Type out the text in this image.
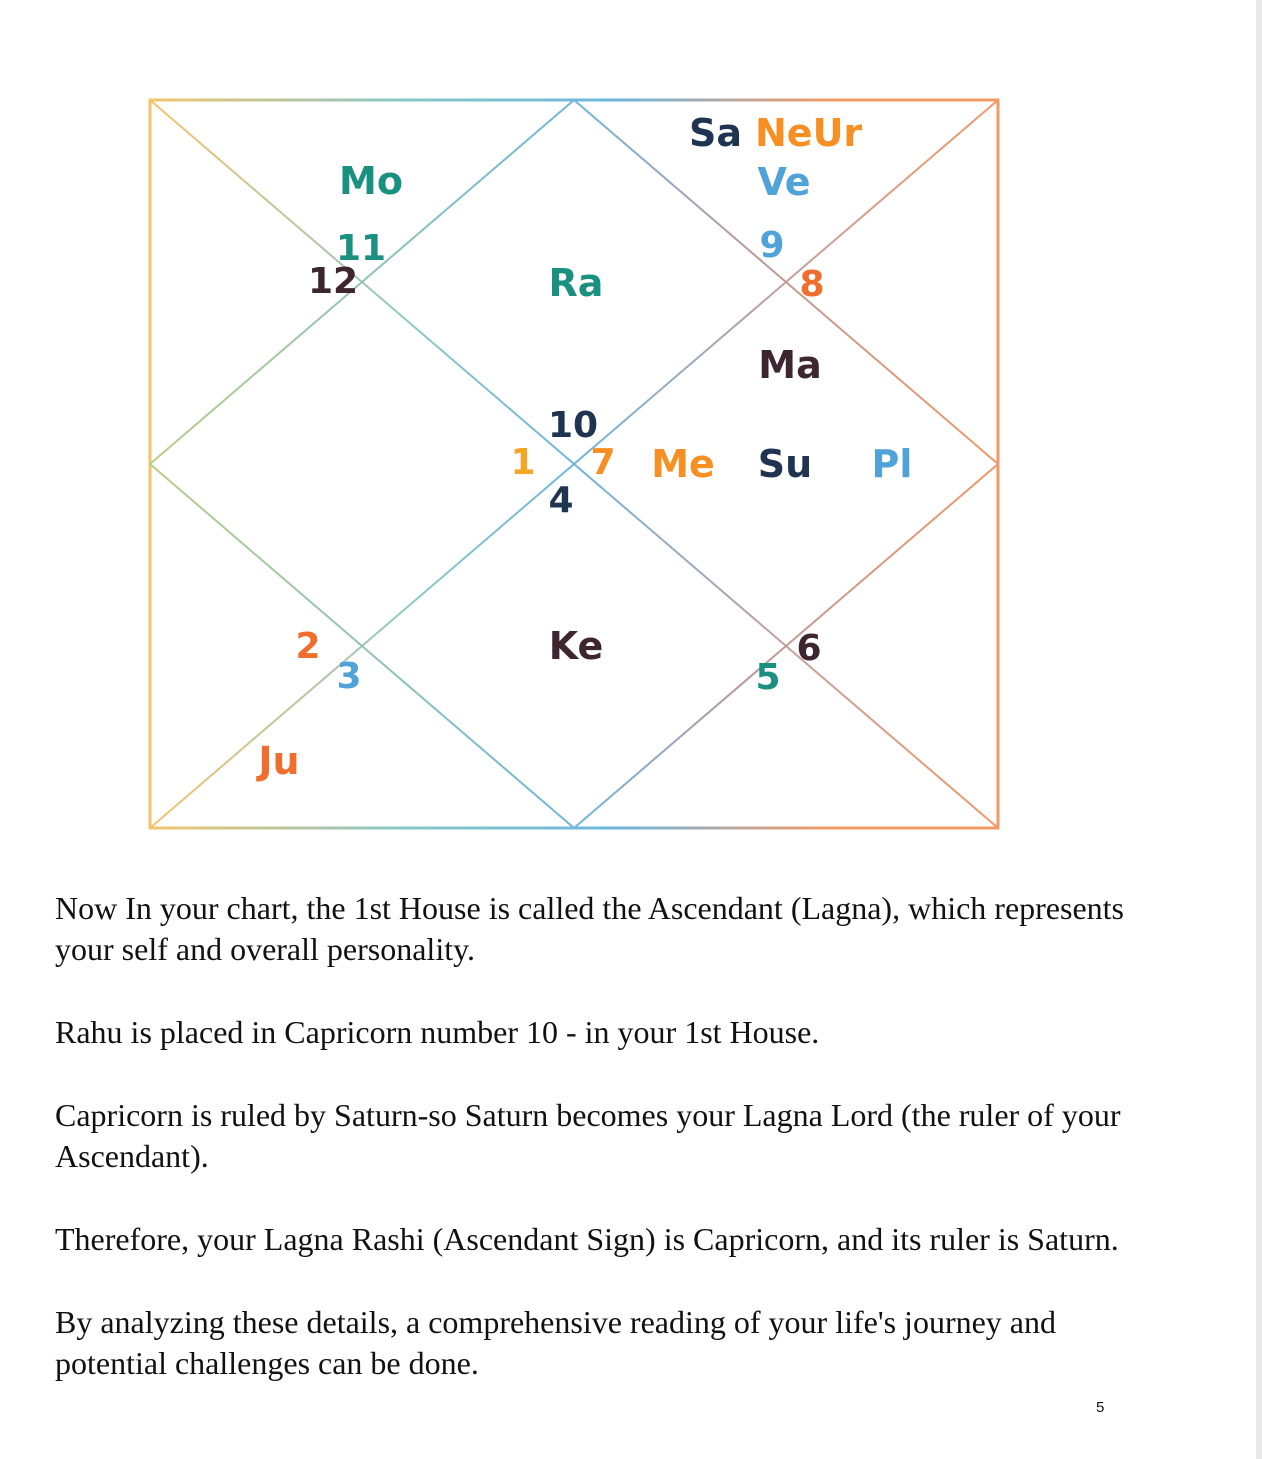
10
1 7
4
11
12
9
8
2
3
6
5
Mo
Ra
Sa NeUr
Ve
Ma
Me Su Pl
Ke
Ju

Now In your chart, the 1st House is called the Ascendant (Lagna), which represents your self and overall personality.

Rahu is placed in Capricorn number 10 - in your 1st House.

Capricorn is ruled by Saturn-so Saturn becomes your Lagna Lord (the ruler of your Ascendant).

Therefore, your Lagna Rashi (Ascendant Sign) is Capricorn, and its ruler is Saturn.

By analyzing these details, a comprehensive reading of your life's journey and potential challenges can be done.

5
